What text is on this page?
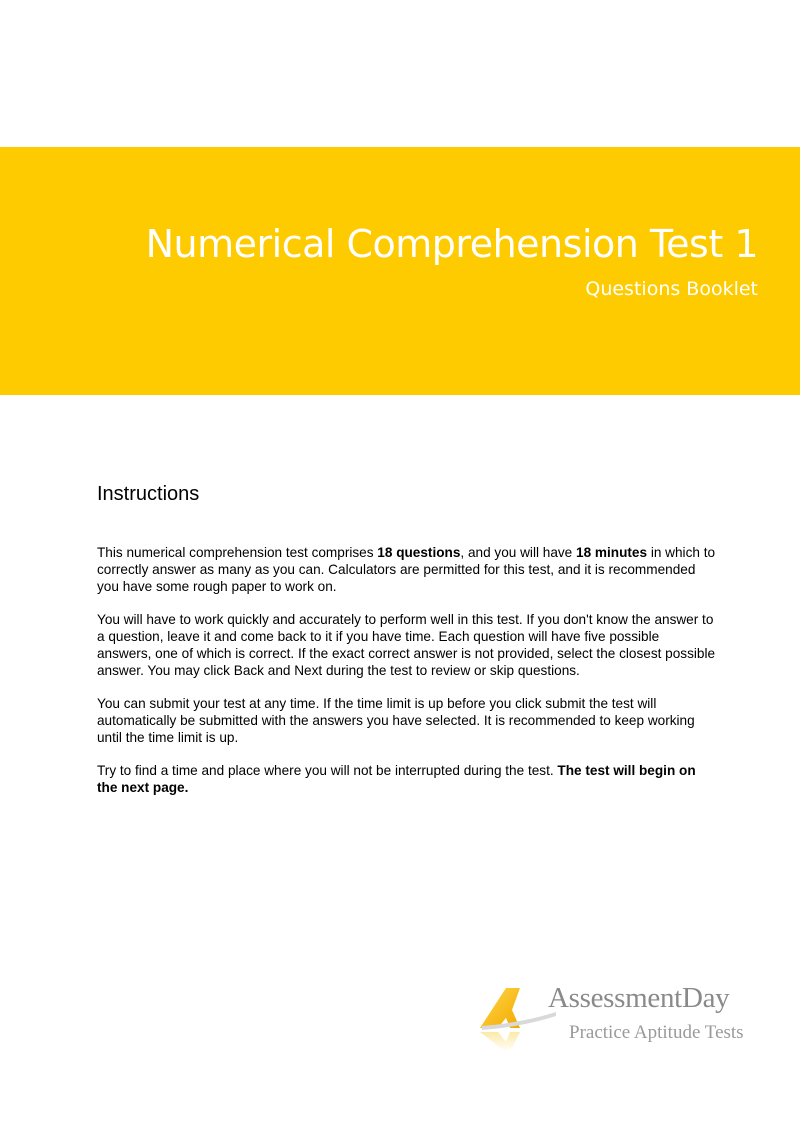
Numerical Comprehension Test 1
Questions Booklet
Instructions

This numerical comprehension test comprises 18 questions, and you will have 18 minutes in which to correctly answer as many as you can. Calculators are permitted for this test, and it is recommended you have some rough paper to work on.

You will have to work quickly and accurately to perform well in this test. If you don't know the answer to a question, leave it and come back to it if you have time. Each question will have five possible answers, one of which is correct. If the exact correct answer is not provided, select the closest possible answer. You may click Back and Next during the test to review or skip questions.

You can submit your test at any time. If the time limit is up before you click submit the test will automatically be submitted with the answers you have selected. It is recommended to keep working until the time limit is up.

Try to find a time and place where you will not be interrupted during the test. The test will begin on the next page.

AssessmentDay
Practice Aptitude Tests
